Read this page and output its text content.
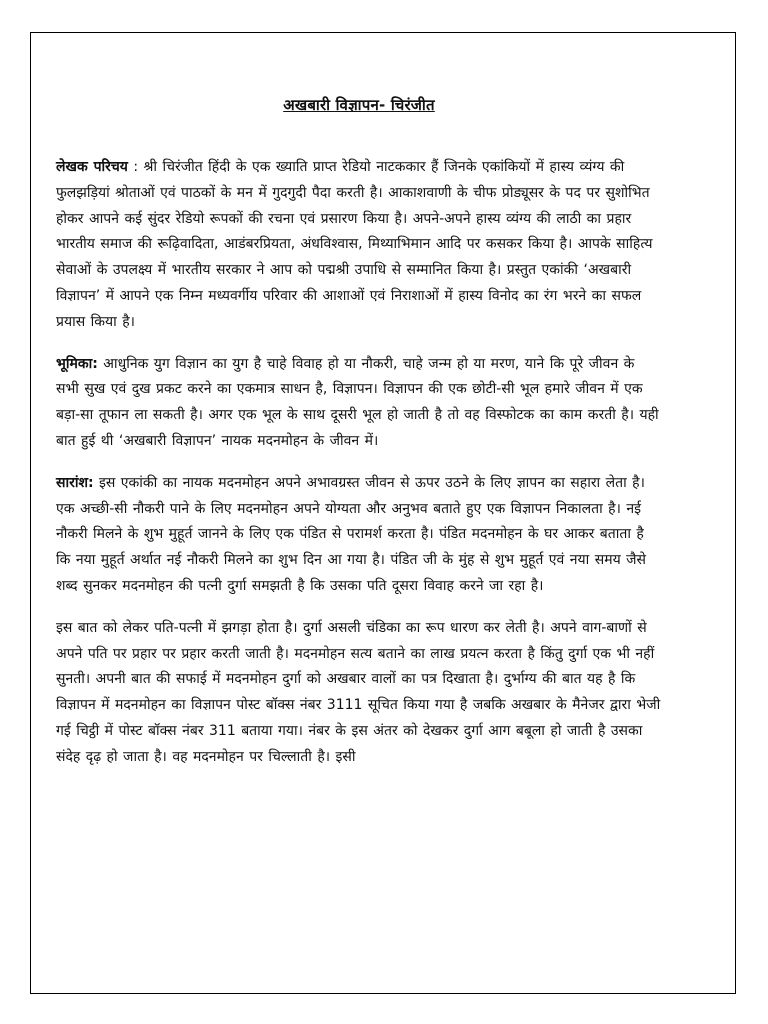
अखबारी विज्ञापन- चिरंजीत

लेखक परिचय : श्री चिरंजीत हिंदी के एक ख्याति प्राप्त रेडियो नाटककार हैं जिनके एकांकियों में हास्य व्यंग्य की फुलझड़ियां श्रोताओं एवं पाठकों के मन में गुदगुदी पैदा करती है। आकाशवाणी के चीफ प्रोड्यूसर के पद पर सुशोभित होकर आपने कई सुंदर रेडियो रूपकों की रचना एवं प्रसारण किया है। अपने-अपने हास्य व्यंग्य की लाठी का प्रहार भारतीय समाज की रूढ़िवादिता, आडंबरप्रियता, अंधविश्वास, मिथ्याभिमान आदि पर कसकर किया है। आपके साहित्य सेवाओं के उपलक्ष्य में भारतीय सरकार ने आप को पद्मश्री उपाधि से सम्मानित किया है। प्रस्तुत एकांकी ‘अखबारी विज्ञापन’ में आपने एक निम्न मध्यवर्गीय परिवार की आशाओं एवं निराशाओं में हास्य विनोद का रंग भरने का सफल प्रयास किया है।

भूमिका: आधुनिक युग विज्ञान का युग है चाहे विवाह हो या नौकरी, चाहे जन्म हो या मरण, याने कि पूरे जीवन के सभी सुख एवं दुख प्रकट करने का एकमात्र साधन है, विज्ञापन। विज्ञापन की एक छोटी-सी भूल हमारे जीवन में एक बड़ा-सा तूफान ला सकती है। अगर एक भूल के साथ दूसरी भूल हो जाती है तो वह विस्फोटक का काम करती है। यही बात हुई थी ‘अखबारी विज्ञापन’ नायक मदनमोहन के जीवन में।

सारांश: इस एकांकी का नायक मदनमोहन अपने अभावग्रस्त जीवन से ऊपर उठने के लिए ज्ञापन का सहारा लेता है। एक अच्छी-सी नौकरी पाने के लिए मदनमोहन अपने योग्यता और अनुभव बताते हुए एक विज्ञापन निकालता है। नई नौकरी मिलने के शुभ मुहूर्त जानने के लिए एक पंडित से परामर्श करता है। पंडित मदनमोहन के घर आकर बताता है कि नया मुहूर्त अर्थात नई नौकरी मिलने का शुभ दिन आ गया है। पंडित जी के मुंह से शुभ मुहूर्त एवं नया समय जैसे शब्द सुनकर मदनमोहन की पत्नी दुर्गा समझती है कि उसका पति दूसरा विवाह करने जा रहा है।

इस बात को लेकर पति-पत्नी में झगड़ा होता है। दुर्गा असली चंडिका का रूप धारण कर लेती है। अपने वाग-बाणों से अपने पति पर प्रहार पर प्रहार करती जाती है। मदनमोहन सत्य बताने का लाख प्रयत्न करता है किंतु दुर्गा एक भी नहीं सुनती। अपनी बात की सफाई में मदनमोहन दुर्गा को अखबार वालों का पत्र दिखाता है। दुर्भाग्य की बात यह है कि विज्ञापन में मदनमोहन का विज्ञापन पोस्ट बॉक्स नंबर 3111 सूचित किया गया है जबकि अखबार के मैनेजर द्वारा भेजी गई चिट्ठी में पोस्ट बॉक्स नंबर 311 बताया गया। नंबर के इस अंतर को देखकर दुर्गा आग बबूला हो जाती है उसका संदेह दृढ़ हो जाता है। वह मदनमोहन पर चिल्लाती है। इसी
